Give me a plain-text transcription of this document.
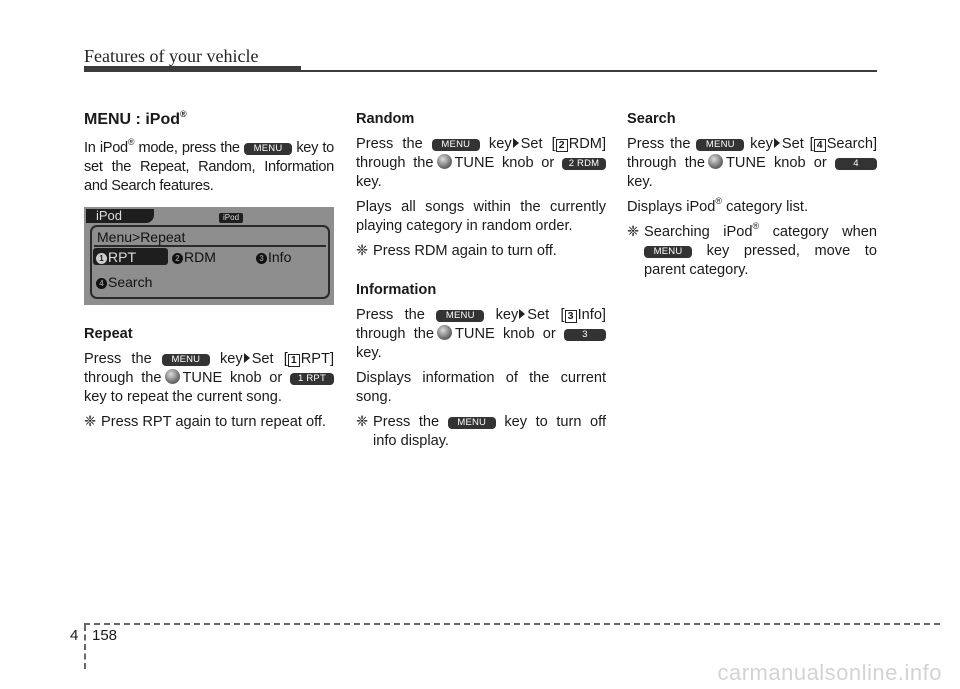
Features of your vehicle
MENU : iPod®

In iPod® mode, press the MENU key to set the Repeat, Random, Information and Search features.

iPod	iPod
Menu>Repeat
1 RPT	2 RDM	3 Info
4 Search
Repeat

Press the MENU key Set [ 1 RPT] through the TUNE knob or 1 RPT key to repeat the current song.

❈ Press RPT again to turn repeat off.

Random

Press the MENU key Set [ 2 RDM] through the TUNE knob or 2 RDM key.

Plays all songs within the currently playing category in random order.

❈ Press RDM again to turn off.

Information

Press the MENU key Set [ 3 Info] through the TUNE knob or	3 key.

Displays information of the current song.

❈ Press the MENU key to turn off info display.

Search

Press the MENU key Set [ 4 Search] through the TUNE knob or	4 key.

Displays iPod® category list.

❈ Searching iPod® category when MENU key pressed, move to parent category.

4 158
carmanualsonline.info
